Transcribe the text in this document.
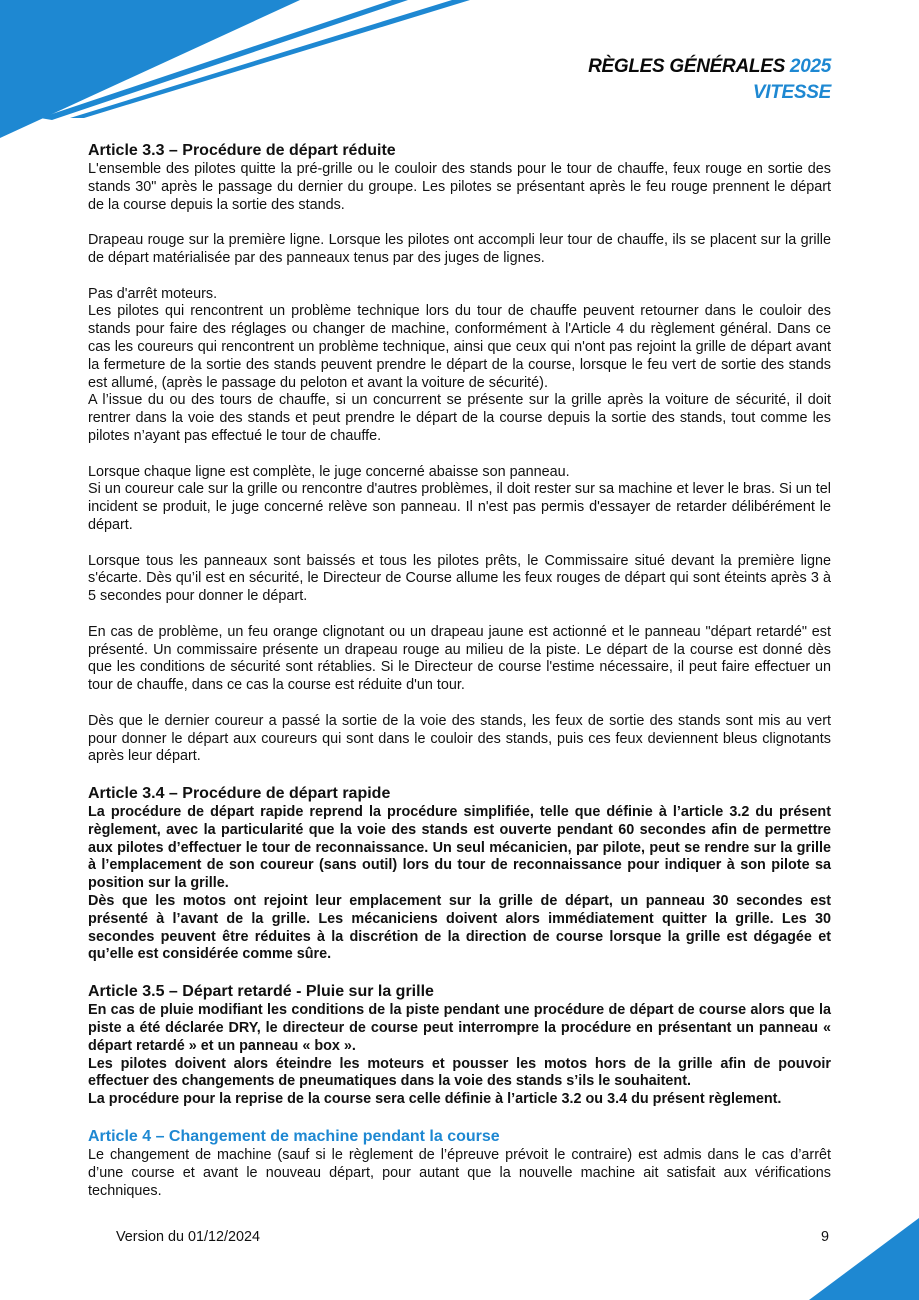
RÈGLES GÉNÉRALES 2025
VITESSE
Article 3.3 – Procédure de départ réduite

L'ensemble des pilotes quitte la pré-grille ou le couloir des stands pour le tour de chauffe, feux rouge en sortie des stands 30" après le passage du dernier du groupe. Les pilotes se présentant après le feu rouge prennent le départ de la course depuis la sortie des stands.

Drapeau rouge sur la première ligne. Lorsque les pilotes ont accompli leur tour de chauffe, ils se placent sur la grille de départ matérialisée par des panneaux tenus par des juges de lignes.

Pas d'arrêt moteurs.

Les pilotes qui rencontrent un problème technique lors du tour de chauffe peuvent retourner dans le couloir des stands pour faire des réglages ou changer de machine, conformément à l'Article 4 du règlement général. Dans ce cas les coureurs qui rencontrent un problème technique, ainsi que ceux qui n'ont pas rejoint la grille de départ avant la fermeture de la sortie des stands peuvent prendre le départ de la course, lorsque le feu vert de sortie des stands est allumé, (après le passage du peloton et avant la voiture de sécurité).

A l’issue du ou des tours de chauffe, si un concurrent se présente sur la grille après la voiture de sécurité, il doit rentrer dans la voie des stands et peut prendre le départ de la course depuis la sortie des stands, tout comme les pilotes n’ayant pas effectué le tour de chauffe.

Lorsque chaque ligne est complète, le juge concerné abaisse son panneau.

Si un coureur cale sur la grille ou rencontre d'autres problèmes, il doit rester sur sa machine et lever le bras. Si un tel incident se produit, le juge concerné relève son panneau. Il n'est pas permis d'essayer de retarder délibérément le départ.

Lorsque tous les panneaux sont baissés et tous les pilotes prêts, le Commissaire situé devant la première ligne s'écarte. Dès qu’il est en sécurité, le Directeur de Course allume les feux rouges de départ qui sont éteints après 3 à 5 secondes pour donner le départ.

En cas de problème, un feu orange clignotant ou un drapeau jaune est actionné et le panneau "départ retardé" est présenté. Un commissaire présente un drapeau rouge au milieu de la piste. Le départ de la course est donné dès que les conditions de sécurité sont rétablies. Si le Directeur de course l'estime nécessaire, il peut faire effectuer un tour de chauffe, dans ce cas la course est réduite d'un tour.

Dès que le dernier coureur a passé la sortie de la voie des stands, les feux de sortie des stands sont mis au vert pour donner le départ aux coureurs qui sont dans le couloir des stands, puis ces feux deviennent bleus clignotants après leur départ.

Article 3.4 – Procédure de départ rapide

La procédure de départ rapide reprend la procédure simplifiée, telle que définie à l’article 3.2 du présent règlement, avec la particularité que la voie des stands est ouverte pendant 60 secondes afin de permettre aux pilotes d’effectuer le tour de reconnaissance. Un seul mécanicien, par pilote, peut se rendre sur la grille à l’emplacement de son coureur (sans outil) lors du tour de reconnaissance pour indiquer à son pilote sa position sur la grille.

Dès que les motos ont rejoint leur emplacement sur la grille de départ, un panneau 30 secondes est présenté à l’avant de la grille. Les mécaniciens doivent alors immédiatement quitter la grille. Les 30 secondes peuvent être réduites à la discrétion de la direction de course lorsque la grille est dégagée et qu’elle est considérée comme sûre.

Article 3.5 – Départ retardé - Pluie sur la grille

En cas de pluie modifiant les conditions de la piste pendant une procédure de départ de course alors que la piste a été déclarée DRY, le directeur de course peut interrompre la procédure en présentant un panneau « départ retardé » et un panneau « box ».

Les pilotes doivent alors éteindre les moteurs et pousser les motos hors de la grille afin de pouvoir effectuer des changements de pneumatiques dans la voie des stands s’ils le souhaitent.

La procédure pour la reprise de la course sera celle définie à l’article 3.2 ou 3.4 du présent règlement.

Article 4 – Changement de machine pendant la course

Le changement de machine (sauf si le règlement de l’épreuve prévoit le contraire) est admis dans le cas d’arrêt d’une course et avant le nouveau départ, pour autant que la nouvelle machine ait satisfait aux vérifications techniques.

Version du 01/12/2024	9
